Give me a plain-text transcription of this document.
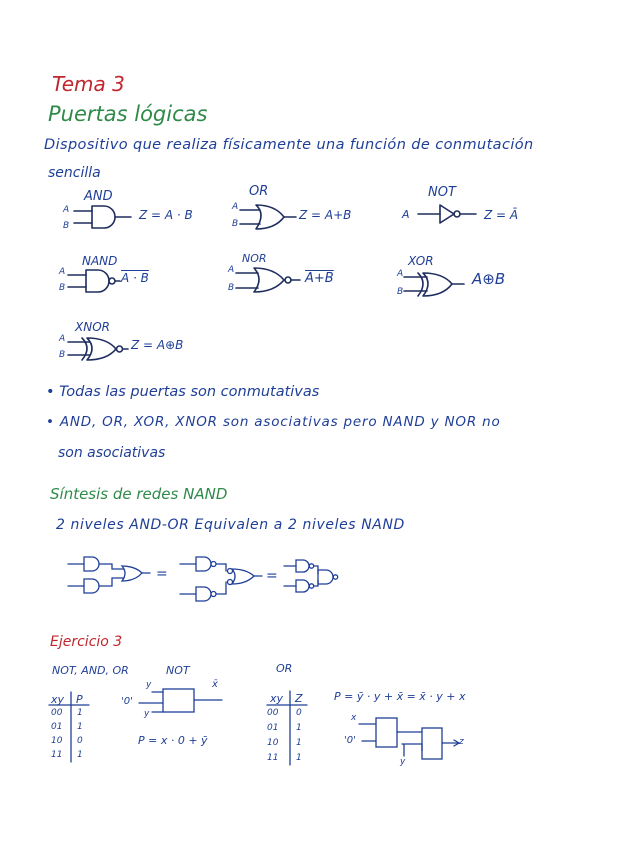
Tema 3
Puertas lógicas
Dispositivo que realiza físicamente una función de conmutación
sencilla
AND	OR	NOT
NAND	NOR	XOR
XNOR
A
B
A
B
A
A
B
A
B
A
B
A
B
Z = A · B	Z = A+B	Z = Ā
A · B	A+B	A⊕B
Z = A⊕B
• Todas las puertas son conmutativas
• AND, OR, XOR, XNOR son asociativas pero NAND y NOR no
son asociativas
Síntesis de redes NAND
2 niveles AND-OR Equivalen a 2 niveles NAND
=	=
Ejercicio 3
NOT, AND, OR	NOT	OR
xy P
00 1
01 1
10 0
11 1
xy Z
00 0
01 1
10 1
11 1
y
'0'
y
x̄
P = x · 0 + ȳ
P = ȳ · y + x̄ = x̄ · y + x
x
'0'
y
z
